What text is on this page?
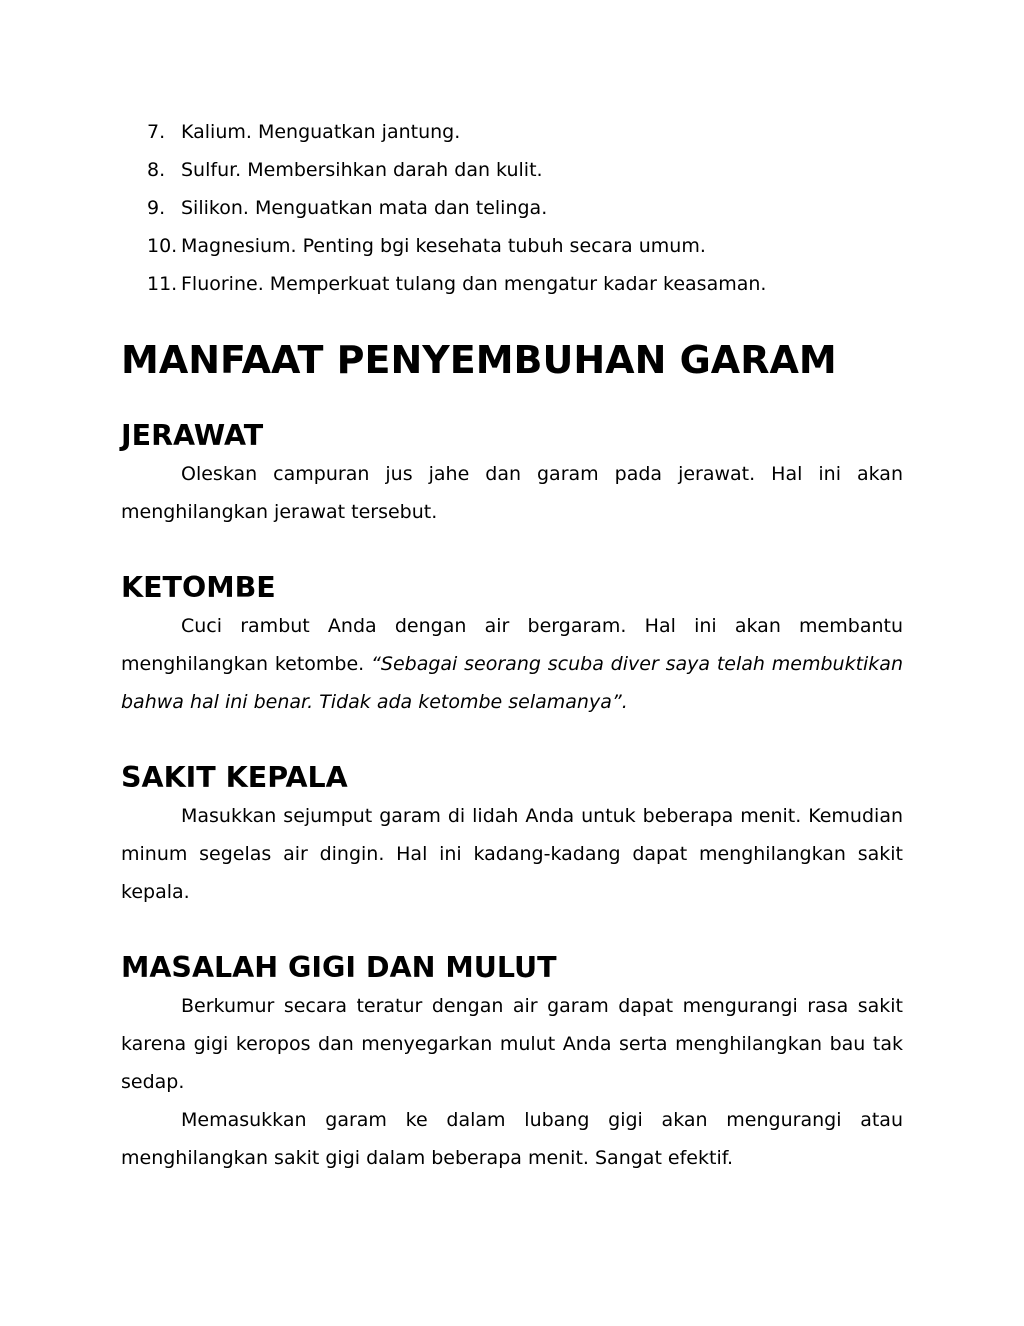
7. Kalium. Menguatkan jantung.
8. Sulfur. Membersihkan darah dan kulit.
9. Silikon. Menguatkan mata dan telinga.
10. Magnesium. Penting bgi kesehata tubuh secara umum.
11. Fluorine. Memperkuat tulang dan mengatur kadar keasaman.
MANFAAT PENYEMBUHAN GARAM
JERAWAT

Oleskan campuran jus jahe dan garam pada jerawat. Hal ini akan menghilangkan jerawat tersebut.

KETOMBE

Cuci rambut Anda dengan air bergaram. Hal ini akan membantu menghilangkan ketombe. “Sebagai seorang scuba diver saya telah membuktikan bahwa hal ini benar. Tidak ada ketombe selamanya”.

SAKIT KEPALA

Masukkan sejumput garam di lidah Anda untuk beberapa menit. Kemudian minum segelas air dingin. Hal ini kadang-kadang dapat menghilangkan sakit kepala.

MASALAH GIGI DAN MULUT

Berkumur secara teratur dengan air garam dapat mengurangi rasa sakit karena gigi keropos dan menyegarkan mulut Anda serta menghilangkan bau tak sedap.

Memasukkan garam ke dalam lubang gigi akan mengurangi atau menghilangkan sakit gigi dalam beberapa menit. Sangat efektif.
